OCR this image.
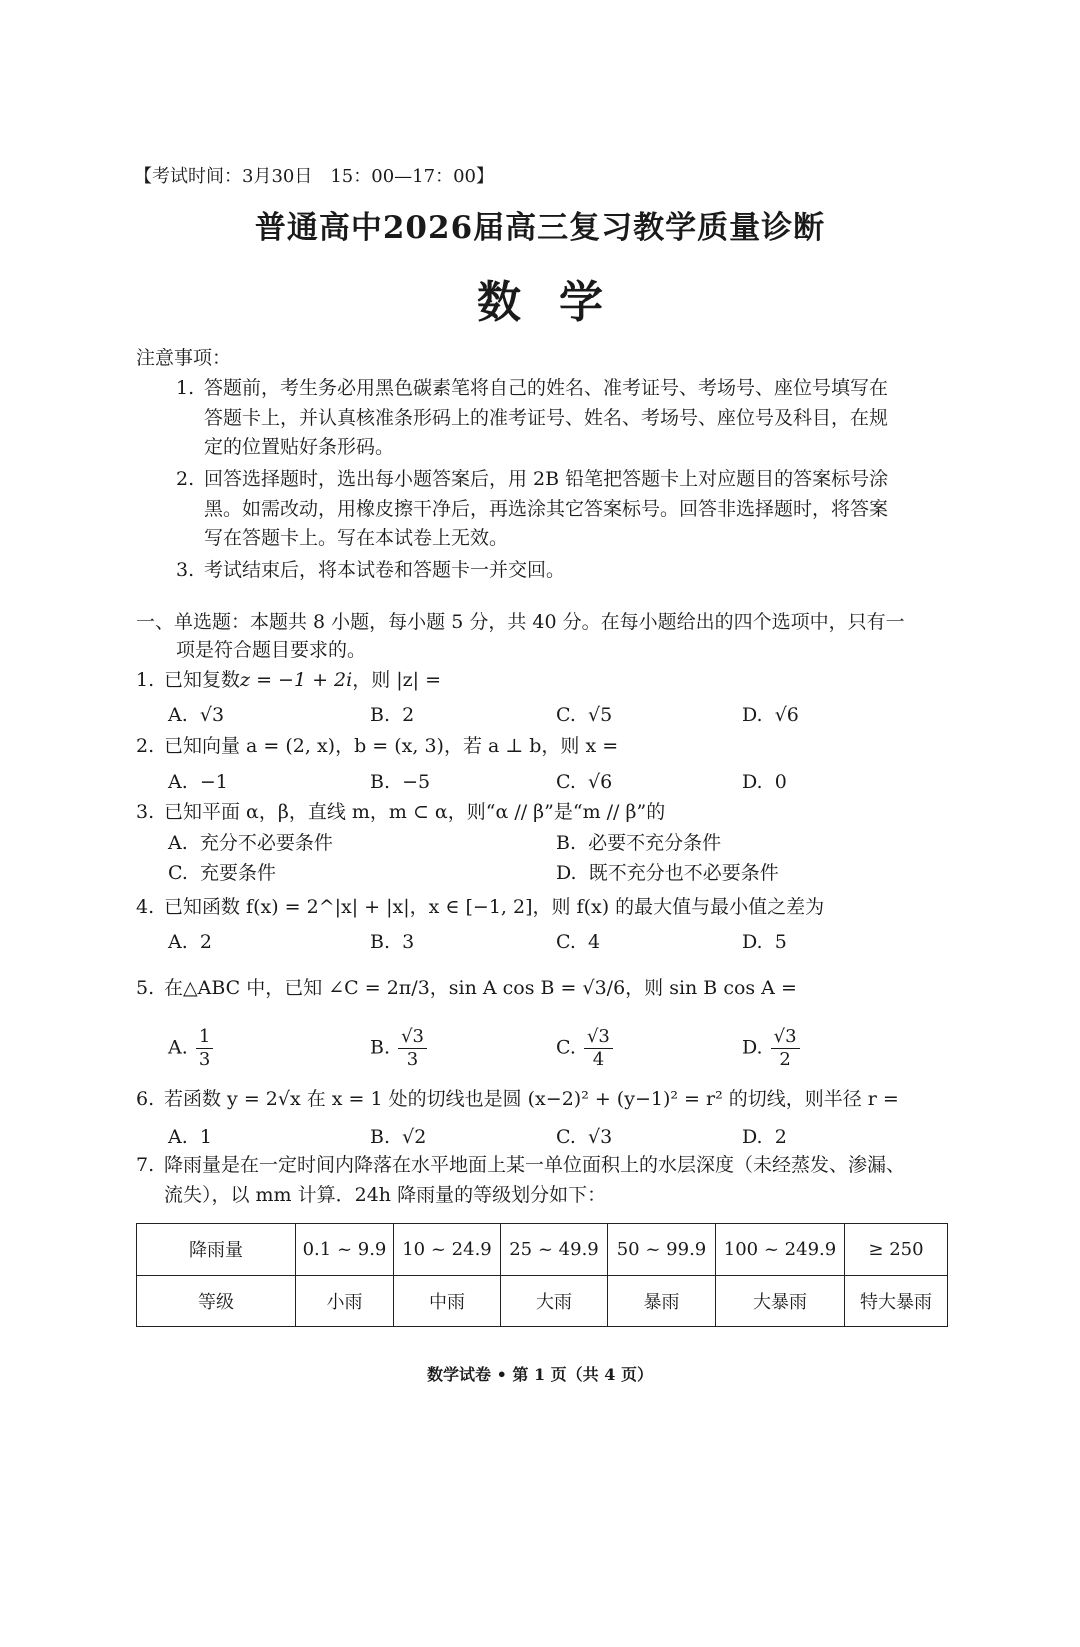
【考试时间：3月30日　15：00—17：00】
普通高中2026届高三复习教学质量诊断
数学
注意事项：
1. 答题前，考生务必用黑色碳素笔将自己的姓名、准考证号、考场号、座位号填写在
答题卡上，并认真核准条形码上的准考证号、姓名、考场号、座位号及科目，在规
定的位置贴好条形码。
2. 回答选择题时，选出每小题答案后，用 2B 铅笔把答题卡上对应题目的答案标号涂
黑。如需改动，用橡皮擦干净后，再选涂其它答案标号。回答非选择题时，将答案
写在答题卡上。写在本试卷上无效。
3. 考试结束后，将本试卷和答题卡一并交回。
一、单选题：本题共 8 小题，每小题 5 分，共 40 分。在每小题给出的四个选项中，只有一
项是符合题目要求的。
1. 已知复数z = −1 + 2i，则 |z| =
A. √3	B. 2	C. √5	D. √6
2. 已知向量 a = (2, x)，b = (x, 3)，若 a ⊥ b，则 x =
A. −1	B. −5	C. √6	D. 0
3. 已知平面 α，β，直线 m，m ⊂ α，则“α // β”是“m // β”的
A. 充分不必要条件	B. 必要不充分条件
C. 充要条件	D. 既不充分也不必要条件
4. 已知函数 f(x) = 2^|x| + |x|，x ∈ [−1, 2]，则 f(x) 的最大值与最小值之差为
A. 2	B. 3	C. 4	D. 5
5. 在△ABC 中，已知 ∠C = 2π/3，sin A cos B = √3/6，则 sin B cos A =
A. $\frac{1}{3}$	B. $\frac{√3}{3}$	C. $\frac{√3}{4}$	D. $\frac{√3}{2}$
6. 若函数 y = 2√x 在 x = 1 处的切线也是圆 (x−2)² + (y−1)² = r² 的切线，则半径 r =
A. 1	B. √2	C. √3	D. 2
7. 降雨量是在一定时间内降落在水平地面上某一单位面积上的水层深度（未经蒸发、渗漏、
流失），以 mm 计算．24h 降雨量的等级划分如下：
降雨量	0.1 ~ 9.9	10 ~ 24.9	25 ~ 49.9	50 ~ 99.9	100 ~ 249.9	≥ 250
等级	小雨	中雨	大雨	暴雨	大暴雨	特大暴雨
数学试卷 • 第 1 页（共 4 页）
